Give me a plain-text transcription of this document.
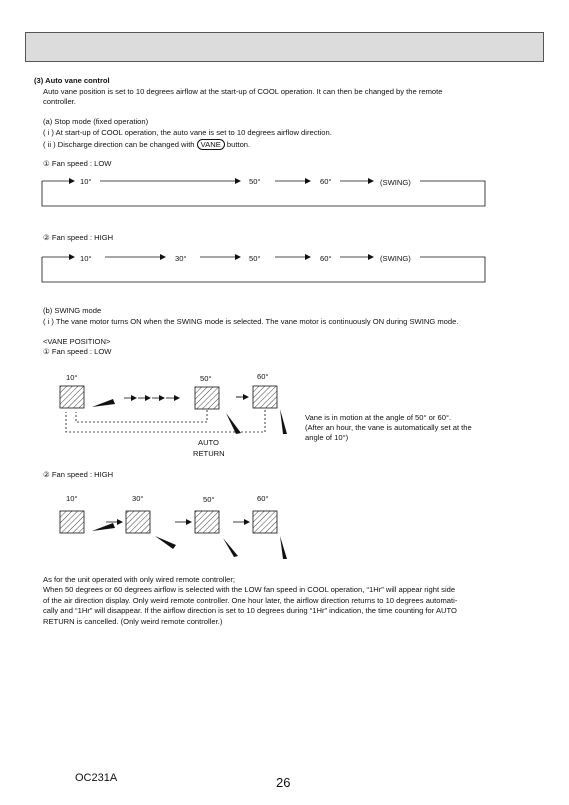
(3) Auto vane control
Auto vane position is set to 10 degrees airflow at the start-up of COOL operation. It can then be changed by the remote
controller.
(a) Stop mode (fixed operation)
( i ) At start-up of COOL operation, the auto vane is set to 10 degrees airflow direction.
( ii ) Discharge direction can be changed with VANE button.
① Fan speed : LOW
10°	50°	60°	(SWING)
② Fan speed : HIGH
10°	30°	50°	60°	(SWING)
(b) SWING mode
( i ) The vane motor turns ON when the SWING mode is selected. The vane motor is continuously ON during SWING mode.
<VANE POSITION>
① Fan speed : LOW
10°	50°	60°
AUTO
RETURN
Vane is in motion at the angle of 50° or 60°.
(After an hour, the vane is automatically set at the
angle of 10°)
② Fan speed : HIGH
10°	30°	50°	60°
As for the unit operated with only wired remote controller;
When 50 degrees or 60 degrees airflow is selected with the LOW fan speed in COOL operation, “1Hr” will appear right side
of the air direction display. Only weird remote controller. One hour later, the airflow direction returns to 10 degrees automati-
cally and “1Hr” will disappear. If the airflow direction is set to 10 degrees during “1Hr” indication, the time counting for AUTO
RETURN is cancelled. (Only weird remote controller.)
OC231A	26
